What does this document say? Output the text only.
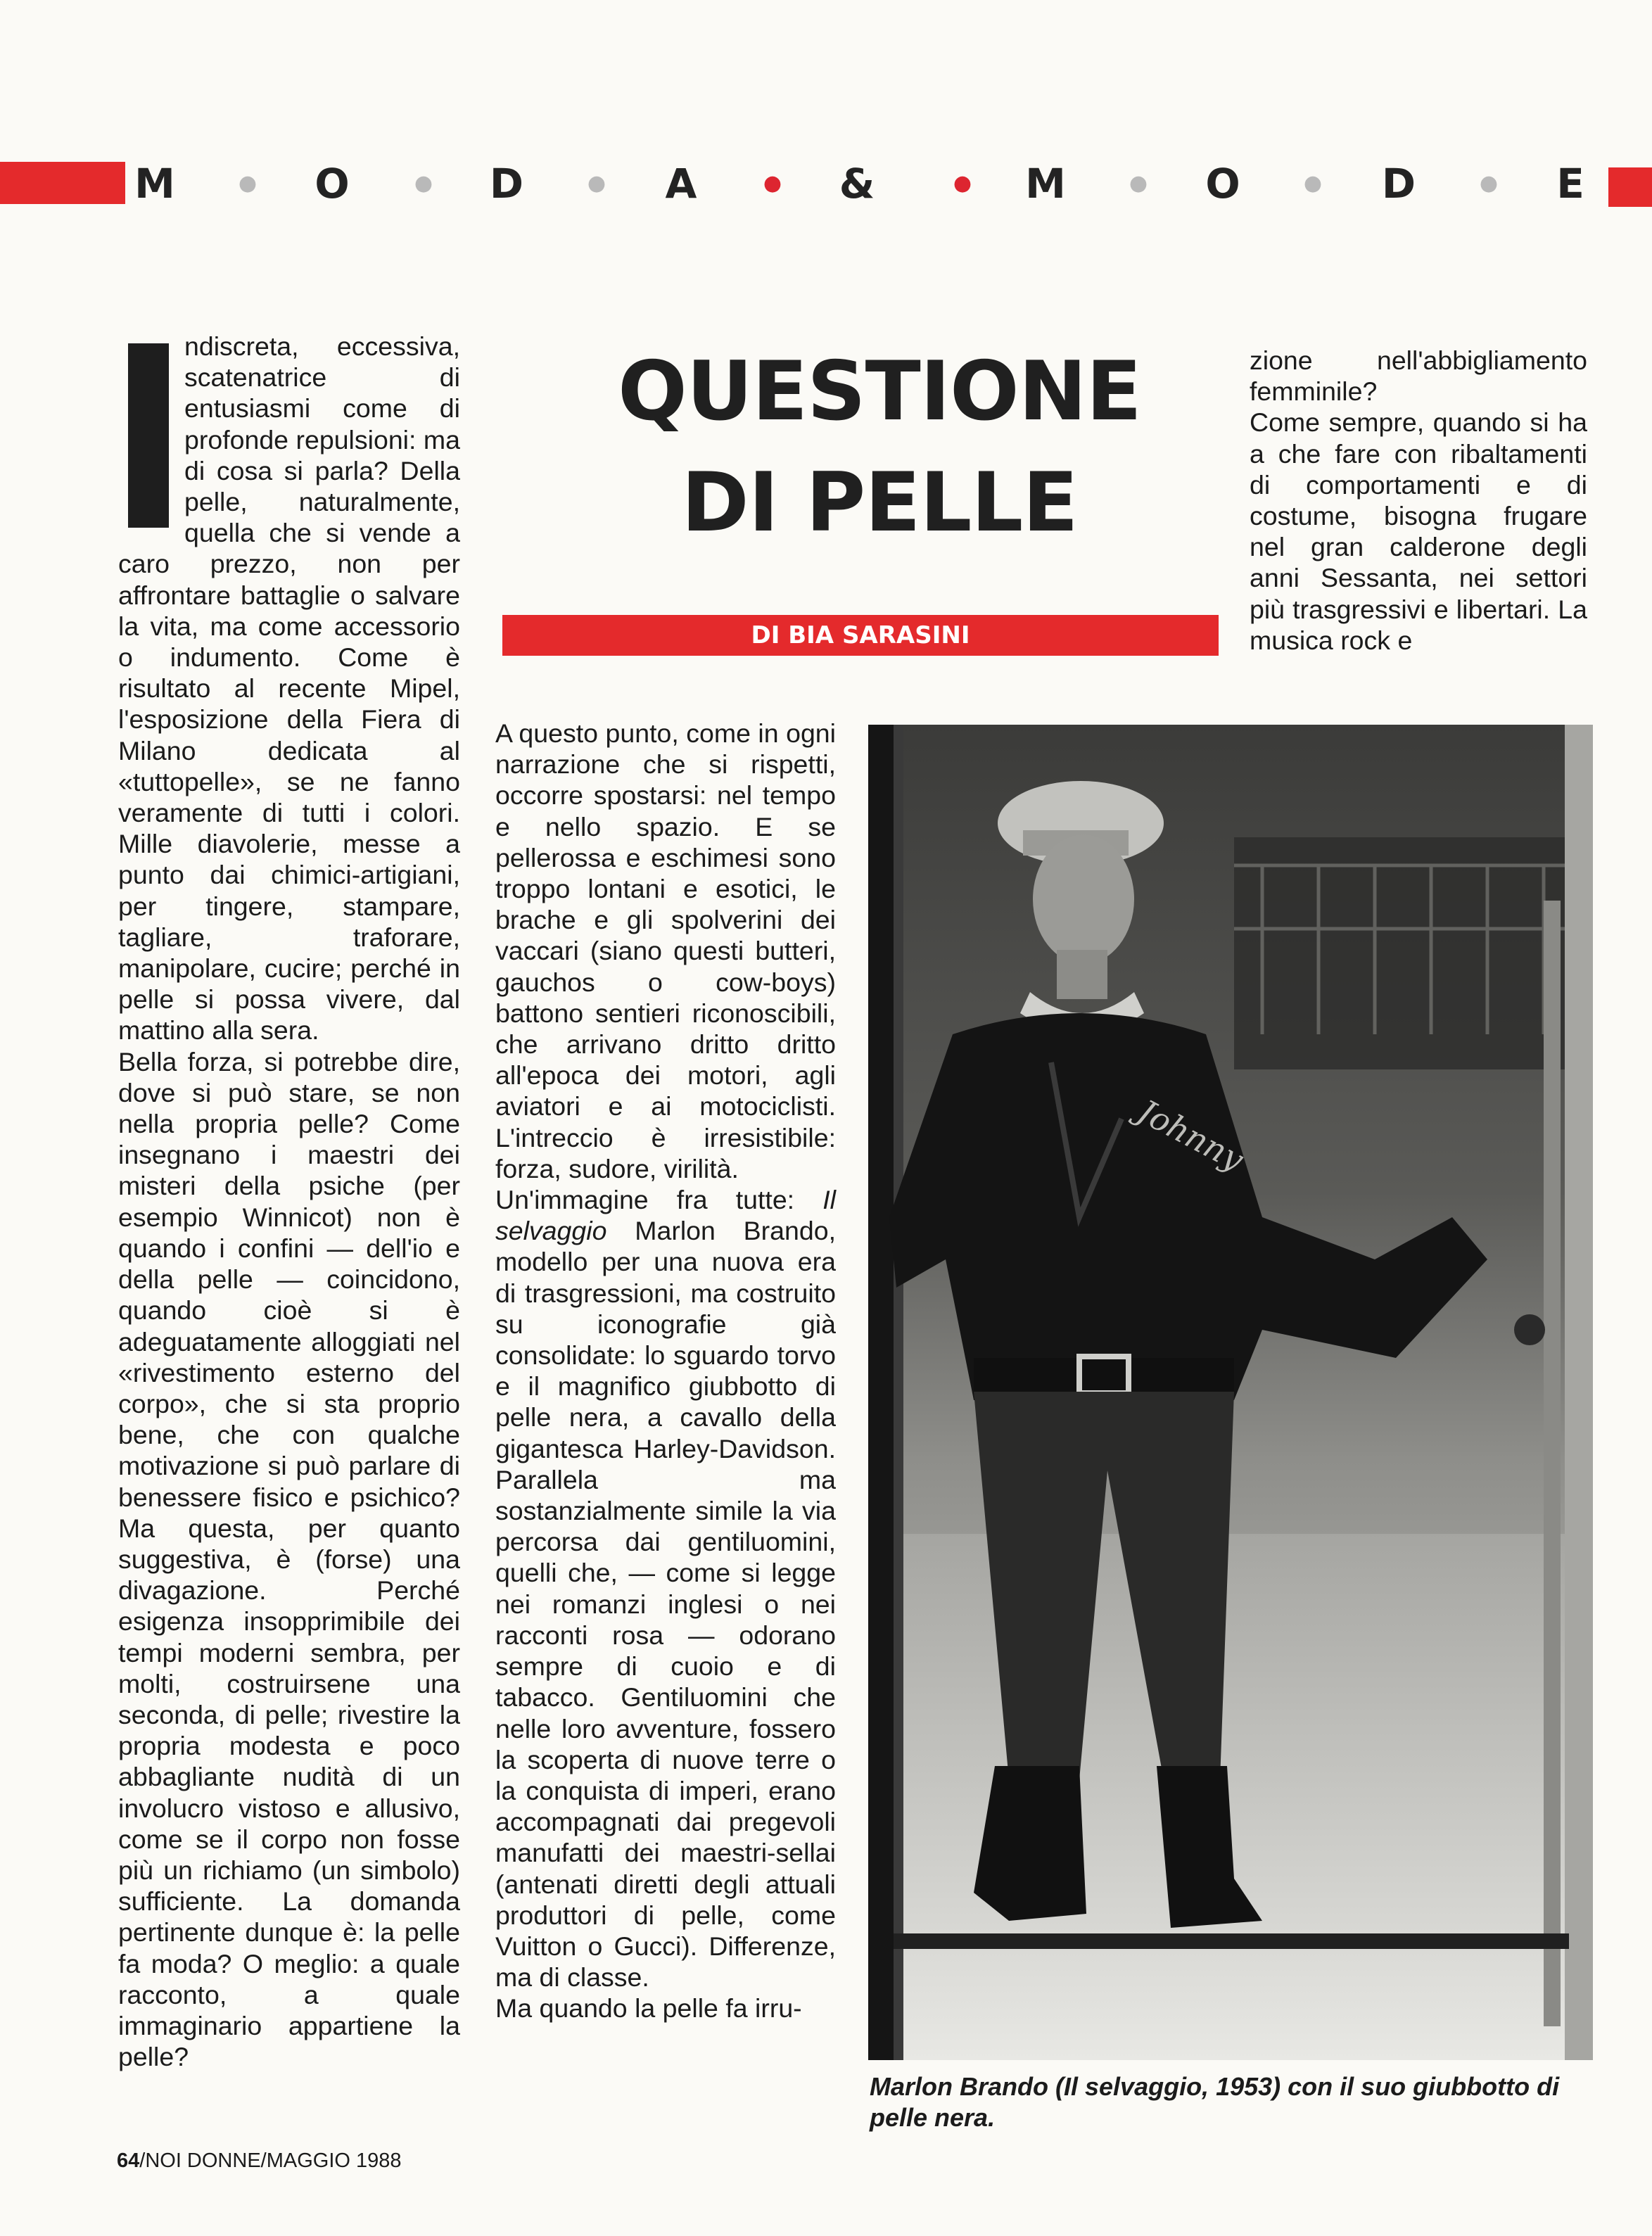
M	O	D	A	&	M	O	D	E
●	●	●	●	●	●	●	●

ndiscreta, eccessiva, scatenatrice di entusiasmi come di profonde repulsioni: ma di cosa si parla? Della pelle, naturalmente, quella che si vende a caro prezzo, non per affrontare battaglie o salvare la vita, ma come accessorio o indumento. Come è risultato al recente Mipel, l'esposizione della Fiera di Milano dedicata al «tuttopelle», se ne fanno veramente di tutti i colori. Mille diavolerie, messe a punto dai chimici-artigiani, per tingere, stampare, tagliare, traforare, manipolare, cucire; perché in pelle si possa vivere, dal mattino alla sera.

Bella forza, si potrebbe dire, dove si può stare, se non nella propria pelle? Come insegnano i maestri dei misteri della psiche (per esempio Winnicot) non è quando i confini — dell'io e della pelle — coincidono, quando cioè si è adeguatamente alloggiati nel «rivestimento esterno del corpo», che si sta proprio bene, che con qualche motivazione si può parlare di benessere fisico e psichico? Ma questa, per quanto suggestiva, è (forse) una divagazione. Perché esigenza insopprimibile dei tempi moderni sembra, per molti, costruirsene una seconda, di pelle; rivestire la propria modesta e poco abbagliante nudità di un involucro vistoso e allusivo, come se il corpo non fosse più un richiamo (un simbolo) sufficiente. La domanda pertinente dunque è: la pelle fa moda? O meglio: a quale racconto, a quale immaginario appartiene la pelle?

QUESTIONE
DI PELLE
DI BIA SARASINI

A questo punto, come in ogni narrazione che si rispetti, occorre spostarsi: nel tempo e nello spazio. E se pellerossa e eschimesi sono troppo lontani e esotici, le brache e gli spolverini dei vaccari (siano questi butteri, gauchos o cow-boys) battono sentieri riconoscibili, che arrivano dritto dritto all'epoca dei motori, agli aviatori e ai motociclisti. L'intreccio è irresistibile: forza, sudore, virilità.

Un'immagine fra tutte: Il selvaggio Marlon Brando, modello per una nuova era di trasgressioni, ma costruito su iconografie già consolidate: lo sguardo torvo e il magnifico giubbotto di pelle nera, a cavallo della gigantesca Harley-Davidson. Parallela ma sostanzialmente simile la via percorsa dai gentiluomini, quelli che, — come si legge nei romanzi inglesi o nei racconti rosa — odorano sempre di cuoio e di tabacco. Gentiluomini che nelle loro avventure, fossero la scoperta di nuove terre o la conquista di imperi, erano accompagnati dai pregevoli manufatti dei maestri-sellai (antenati diretti degli attuali produttori di pelle, come Vuitton o Gucci). Differenze, ma di classe.

Ma quando la pelle fa irru-

zione nell'abbigliamento femminile?

Come sempre, quando si ha a che fare con ribaltamenti di comportamenti e di costume, bisogna frugare nel gran calderone degli anni Sessanta, nei settori più trasgressivi e libertari. La musica rock e

Johnny
Marlon Brando (Il selvaggio, 1953) con il suo giubbotto di pelle nera.
64/NOI DONNE/MAGGIO 1988
